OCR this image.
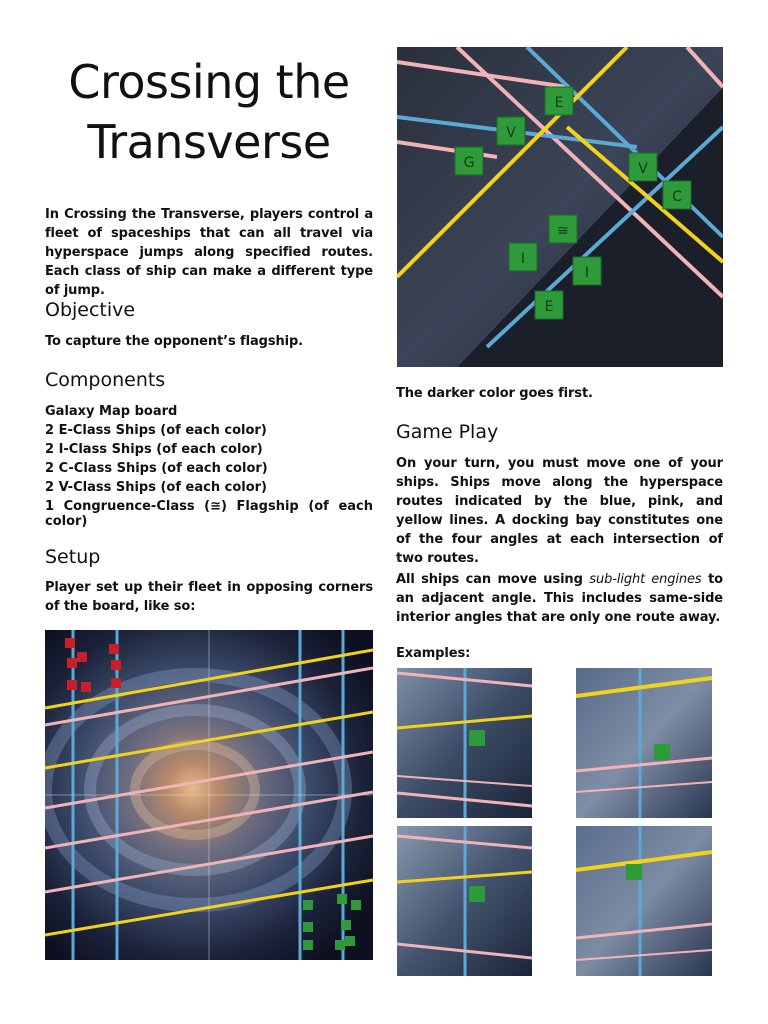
Crossing the Transverse

In Crossing the Transverse, players control a fleet of spaceships that can all travel via hyperspace jumps along specified routes. Each class of ship can make a different type of jump.

Objective

To capture the opponent’s flagship.

Components

Galaxy Map board

2 E-Class Ships (of each color)

2 I-Class Ships (of each color)

2 C-Class Ships (of each color)

2 V-Class Ships (of each color)

1 Congruence-Class (≅) Flagship (of each color)

Setup

Player set up their fleet in opposing corners of the board, like so:

E
V
G	V
C
≅
I
I
E

The darker color goes first.

Game Play

On your turn, you must move one of your ships. Ships move along the hyperspace routes indicated by the blue, pink, and yellow lines. A docking bay constitutes one of the four angles at each intersection of two routes.

All ships can move using sub-light engines to an adjacent angle. This includes same-side interior angles that are only one route away.

Examples:
